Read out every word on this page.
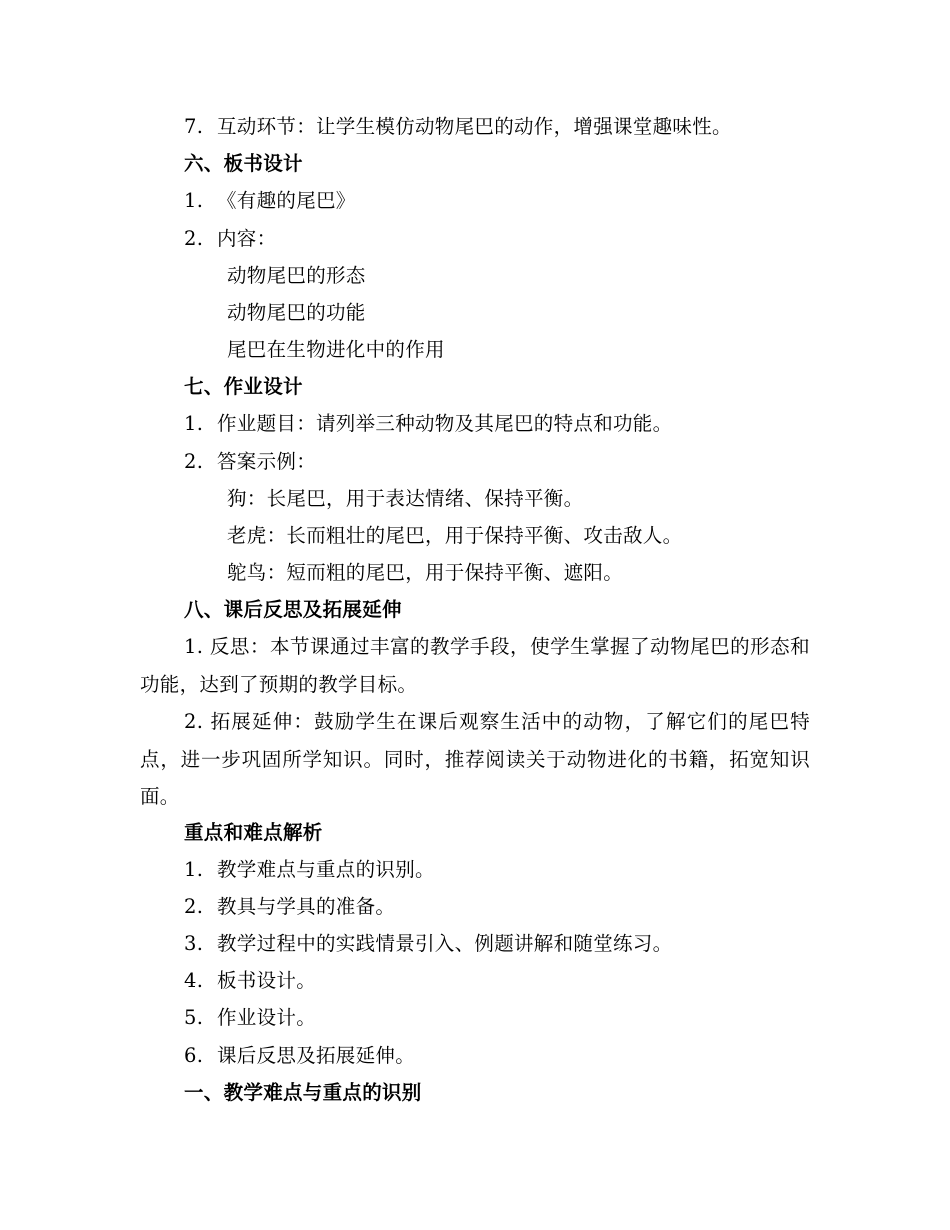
7. 互动环节：让学生模仿动物尾巴的动作，增强课堂趣味性。
六、板书设计
1. 《有趣的尾巴》
2. 内容：
动物尾巴的形态
动物尾巴的功能
尾巴在生物进化中的作用
七、作业设计
1. 作业题目：请列举三种动物及其尾巴的特点和功能。
2. 答案示例：
狗：长尾巴，用于表达情绪、保持平衡。
老虎：长而粗壮的尾巴，用于保持平衡、攻击敌人。
鸵鸟：短而粗的尾巴，用于保持平衡、遮阳。
八、课后反思及拓展延伸
1. 反思：本节课通过丰富的教学手段，使学生掌握了动物尾巴的形态和功能，达到了预期的教学目标。
2. 拓展延伸：鼓励学生在课后观察生活中的动物，了解它们的尾巴特点，进一步巩固所学知识。同时，推荐阅读关于动物进化的书籍，拓宽知识面。
重点和难点解析
1. 教学难点与重点的识别。
2. 教具与学具的准备。
3. 教学过程中的实践情景引入、例题讲解和随堂练习。
4. 板书设计。
5. 作业设计。
6. 课后反思及拓展延伸。
一、教学难点与重点的识别
